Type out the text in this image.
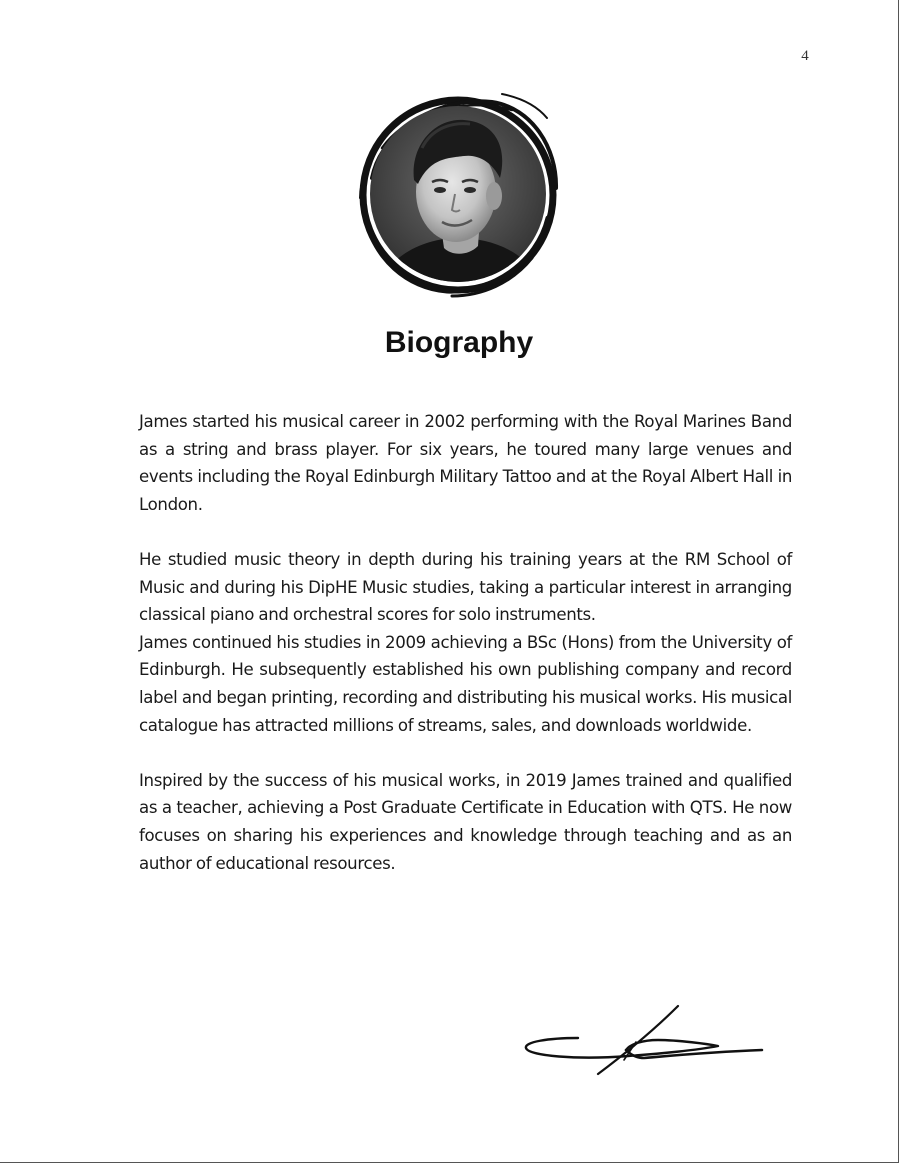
4
Biography

James started his musical career in 2002 performing with the Royal Marines Band as a string and brass player. For six years, he toured many large venues and events including the Royal Edinburgh Military Tattoo and at the Royal Albert Hall in London.

He studied music theory in depth during his training years at the RM School of Music and during his DipHE Music studies, taking a particular interest in arranging classical piano and orchestral scores for solo instruments.

James continued his studies in 2009 achieving a BSc (Hons) from the University of Edinburgh. He subsequently established his own publishing company and record label and began printing, recording and distributing his musical works. His musical catalogue has attracted millions of streams, sales, and downloads worldwide.

Inspired by the success of his musical works, in 2019 James trained and qualified as a teacher, achieving a Post Graduate Certificate in Education with QTS. He now focuses on sharing his experiences and knowledge through teaching and as an author of educational resources.
